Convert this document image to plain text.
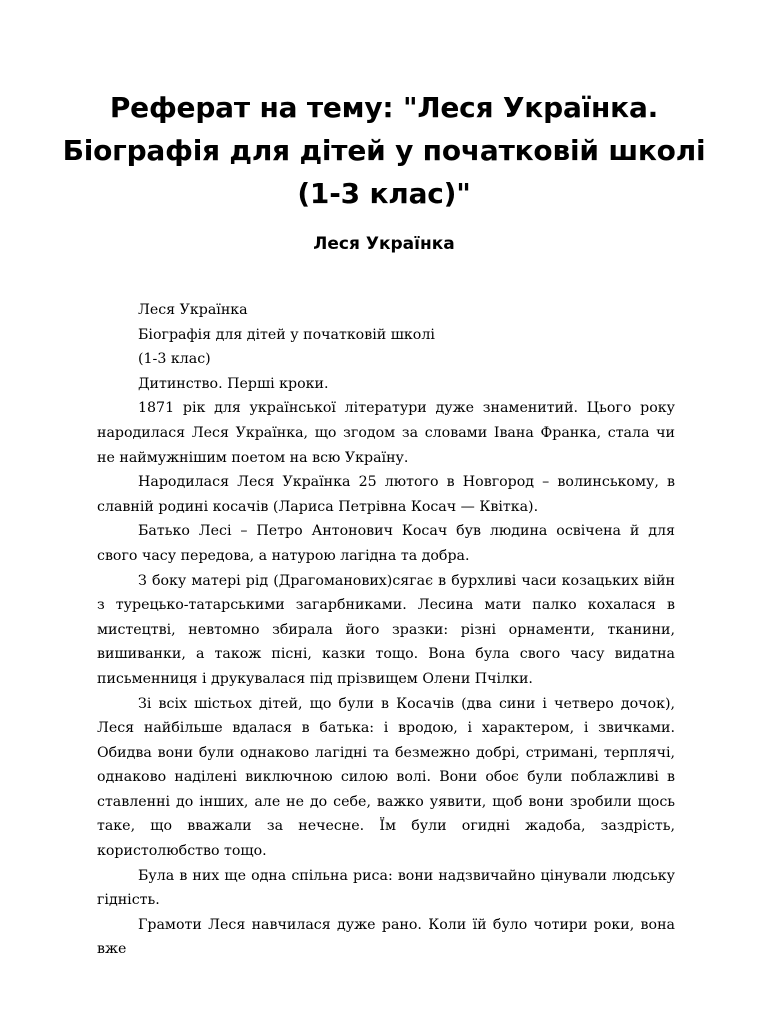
Реферат на тему: "Леся Українка. Біографія для дітей у початковій школі (1-3 клас)"
Леся Українка

Леся Українка

Біографія для дітей у початковій школі

(1-3 клас)

Дитинство. Перші кроки.

1871 рік для української літератури дуже знаменитий. Цього року народилася Леся Українка, що згодом за словами Івана Франка, стала чи не наймужнішим поетом на всю Україну.

Народилася Леся Українка 25 лютого в Новгород – волинському, в славній родині косачів (Лариса Петрівна Косач — Квітка).

Батько Лесі – Петро Антонович Косач був людина освічена й для свого часу передова, а натурою лагідна та добра.

З боку матері рід (Драгоманових)сягає в бурхливі часи козацьких війн з турецько-татарськими загарбниками. Лесина мати палко кохалася в мистецтві, невтомно збирала його зразки: різні орнаменти, тканини, вишиванки, а також пісні, казки тощо. Вона була свого часу видатна письменниця і друкувалася під прізвищем Олени Пчілки.

Зі всіх шістьох дітей, що були в Косачів (два сини і четверо дочок), Леся найбільше вдалася в батька: і вродою, і характером, і звичками. Обидва вони були однаково лагідні та безмежно добрі, стримані, терплячі, однаково наділені виключною силою волі. Вони обоє були поблажливі в ставленні до інших, але не до себе, важко уявити, щоб вони зробили щось таке, що вважали за нечесне. Їм були огидні жадоба, заздрість, користолюбство тощо.

Була в них ще одна спільна риса: вони надзвичайно цінували людську гідність.

Грамоти Леся навчилася дуже рано. Коли їй було чотири роки, вона вже
